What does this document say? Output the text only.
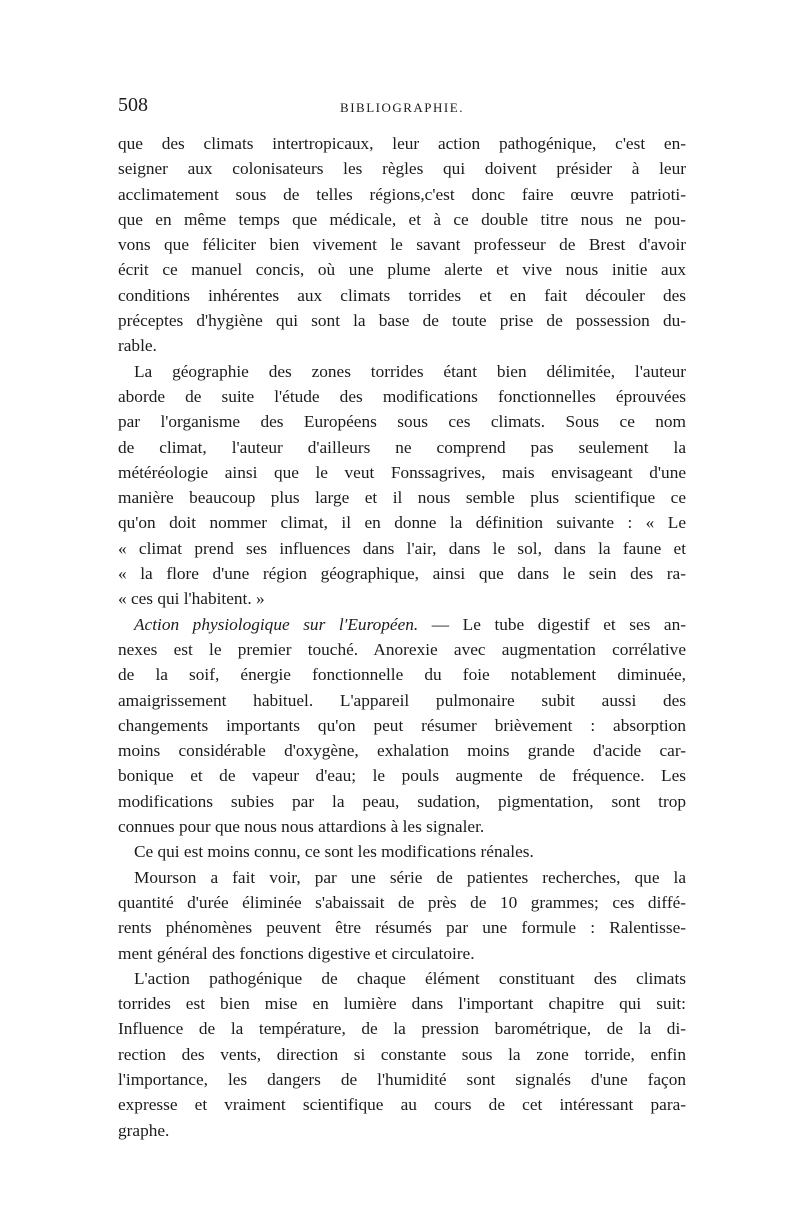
508	BIBLIOGRAPHIE.
que des climats intertropicaux, leur action pathogénique, c'est en-
seigner aux colonisateurs les règles qui doivent présider à leur
acclimatement sous de telles régions,c'est donc faire œuvre patrioti-
que en même temps que médicale, et à ce double titre nous ne pou-
vons que féliciter bien vivement le savant professeur de Brest d'avoir
écrit ce manuel concis, où une plume alerte et vive nous initie aux
conditions inhérentes aux climats torrides et en fait découler des
préceptes d'hygiène qui sont la base de toute prise de possession du-
rable.
La géographie des zones torrides étant bien délimitée, l'auteur
aborde de suite l'étude des modifications fonctionnelles éprouvées
par l'organisme des Européens sous ces climats. Sous ce nom
de climat, l'auteur d'ailleurs ne comprend pas seulement la
météréologie ainsi que le veut Fonssagrives, mais envisageant d'une
manière beaucoup plus large et il nous semble plus scientifique ce
qu'on doit nommer climat, il en donne la définition suivante : « Le
« climat prend ses influences dans l'air, dans le sol, dans la faune et
« la flore d'une région géographique, ainsi que dans le sein des ra-
« ces qui l'habitent. »
Action physiologique sur l'Européen. — Le tube digestif et ses an-
nexes est le premier touché. Anorexie avec augmentation corrélative
de la soif, énergie fonctionnelle du foie notablement diminuée,
amaigrissement habituel. L'appareil pulmonaire subit aussi des
changements importants qu'on peut résumer brièvement : absorption
moins considérable d'oxygène, exhalation moins grande d'acide car-
bonique et de vapeur d'eau; le pouls augmente de fréquence. Les
modifications subies par la peau, sudation, pigmentation, sont trop
connues pour que nous nous attardions à les signaler.
Ce qui est moins connu, ce sont les modifications rénales.
Mourson a fait voir, par une série de patientes recherches, que la
quantité d'urée éliminée s'abaissait de près de 10 grammes; ces diffé-
rents phénomènes peuvent être résumés par une formule : Ralentisse-
ment général des fonctions digestive et circulatoire.
L'action pathogénique de chaque élément constituant des climats
torrides est bien mise en lumière dans l'important chapitre qui suit:
Influence de la température, de la pression barométrique, de la di-
rection des vents, direction si constante sous la zone torride, enfin
l'importance, les dangers de l'humidité sont signalés d'une façon
expresse et vraiment scientifique au cours de cet intéressant para-
graphe.
